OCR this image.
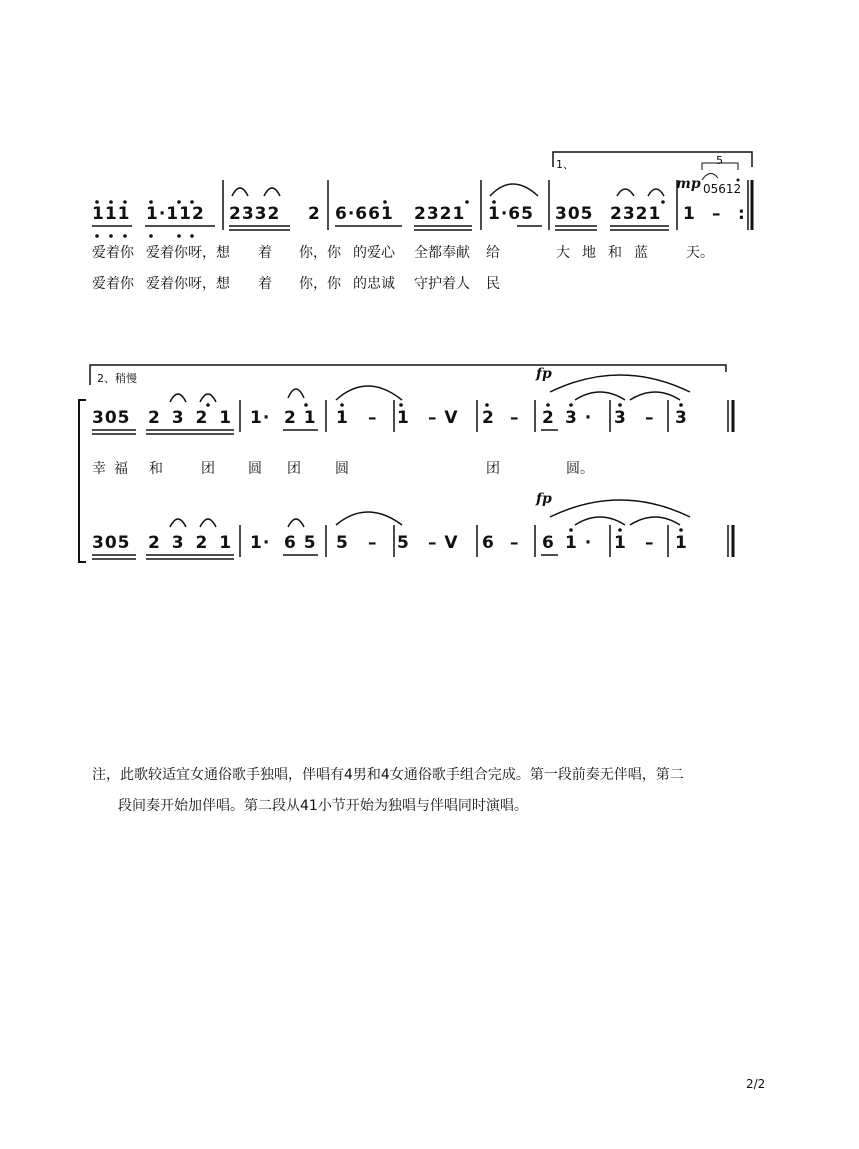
1、	5
mp 05612
111 1·112 2332 2 6·661 2321 1·65 305 2321 1 – :
爱着你 爱着你呀，想 着 你，你 的爱心 全都奉献 给	大地和蓝 天。
爱着你 爱着你呀，想 着 你，你 的忠诚 守护着人 民
2、稍慢	fp
fp
305 2 3 2 1 1· 2 1 1 – 1 – V 2 – 2 3 · 3 – 3
幸福 和	团 圆 团 圆	团	圆。
305 2 3 2 1 1· 6 5 5 – 5 – V 6 – 6 1 · 1 – 1
注，此歌较适宜女通俗歌手独唱，伴唱有4男和4女通俗歌手组合完成。第一段前奏无伴唱，第二
段间奏开始加伴唱。第二段从41小节开始为独唱与伴唱同时演唱。
2/2
